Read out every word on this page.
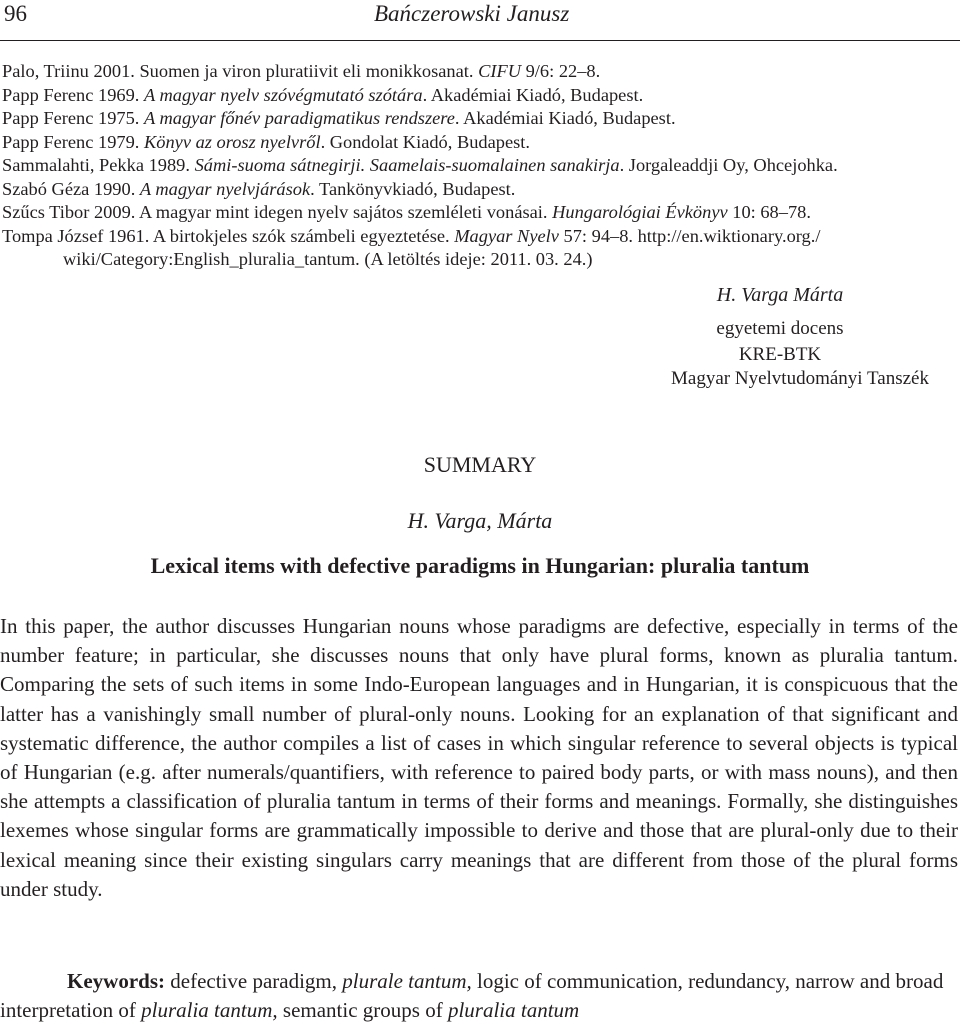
96	Bańczerowski Janusz
Palo, Triinu 2001. Suomen ja viron pluratiivit eli monikkosanat. CIFU 9/6: 22–8.
Papp Ferenc 1969. A magyar nyelv szóvégmutató szótára. Akadémiai Kiadó, Budapest.
Papp Ferenc 1975. A magyar főnév paradigmatikus rendszere. Akadémiai Kiadó, Budapest.
Papp Ferenc 1979. Könyv az orosz nyelvről. Gondolat Kiadó, Budapest.
Sammalahti, Pekka 1989. Sámi-suoma sátnegirji. Saamelais-suomalainen sanakirja. Jorgaleaddji Oy, Ohcejohka.
Szabó Géza 1990. A magyar nyelvjárások. Tankönyvkiadó, Budapest.
Szűcs Tibor 2009. A magyar mint idegen nyelv sajátos szemléleti vonásai. Hungarológiai Évkönyv 10: 68–78.
Tompa József 1961. A birtokjeles szók számbeli egyeztetése. Magyar Nyelv 57: 94–8. http://en.wiktionary.org./ wiki/Category:English_pluralia_tantum. (A letöltés ideje: 2011. 03. 24.)
H. Varga Márta
egyetemi docens
KRE-BTK
Magyar Nyelvtudományi Tanszék
SUMMARY
H. Varga, Márta
Lexical items with defective paradigms in Hungarian: pluralia tantum

In this paper, the author discusses Hungarian nouns whose paradigms are defective, especially in terms of the number feature; in particular, she discusses nouns that only have plural forms, known as pluralia tantum. Comparing the sets of such items in some Indo-European languages and in Hungarian, it is conspicuous that the latter has a vanishingly small number of plural-only nouns. Looking for an explanation of that significant and systematic difference, the author compiles a list of cases in which singular reference to several objects is typical of Hungarian (e.g. after numerals/quantifiers, with reference to paired body parts, or with mass nouns), and then she attempts a classification of pluralia tantum in terms of their forms and meanings. Formally, she distinguishes lexemes whose singular forms are grammatically impossible to derive and those that are plural-only due to their lexical meaning since their existing singulars carry meanings that are different from those of the plural forms under study.

Keywords: defective paradigm, plurale tantum, logic of communication, redundancy, narrow and broad interpretation of pluralia tantum, semantic groups of pluralia tantum
